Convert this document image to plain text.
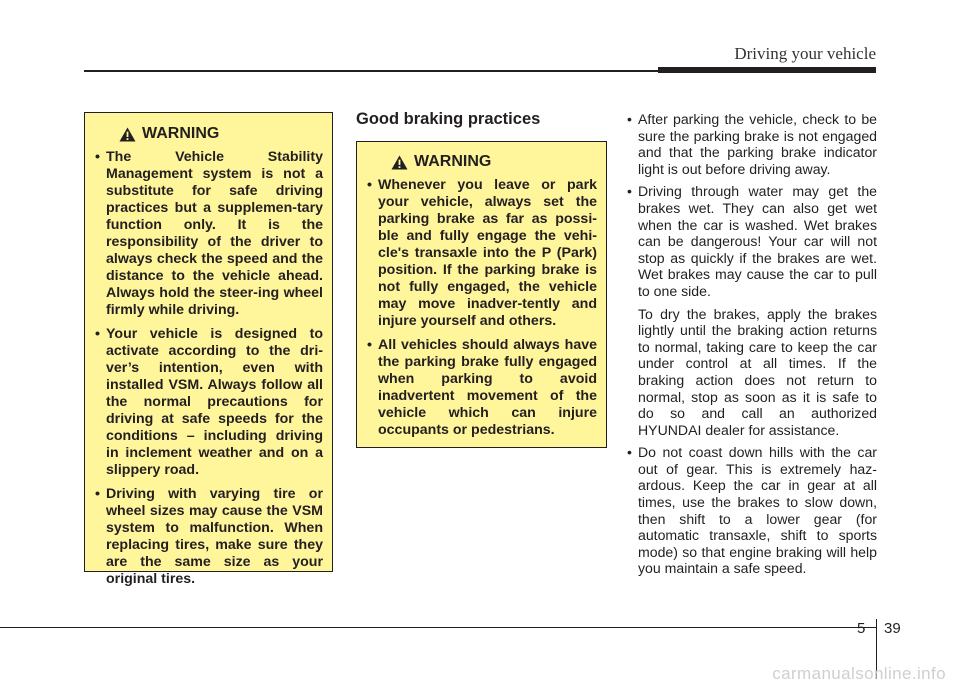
Driving your vehicle
WARNING
• The Vehicle Stability Management system is not a substitute for safe driving practices but a supplemen-tary function only. It is the responsibility of the driver to always check the speed and the distance to the vehicle ahead. Always hold the steer-ing wheel firmly while driving.
• Your vehicle is designed to activate according to the dri-ver’s intention, even with installed VSM. Always follow all the normal precautions for driving at safe speeds for the conditions – including driving in inclement weather and on a slippery road.
• Driving with varying tire or wheel sizes may cause the VSM system to malfunction. When replacing tires, make sure they are the same size as your original tires.
Good braking practices
WARNING
• Whenever you leave or park your vehicle, always set the parking brake as far as possi-ble and fully engage the vehi-cle's transaxle into the P (Park) position. If the parking brake is not fully engaged, the vehicle may move inadver-tently and injure yourself and others.
• All vehicles should always have the parking brake fully engaged when parking to avoid inadvertent movement of the vehicle which can injure occupants or pedestrians.

• After parking the vehicle, check to be sure the parking brake is not engaged and that the parking brake indicator light is out before driving away.

• Driving through water may get the brakes wet. They can also get wet when the car is washed. Wet brakes can be dangerous! Your car will not stop as quickly if the brakes are wet. Wet brakes may cause the car to pull to one side.

To dry the brakes, apply the brakes lightly until the braking action returns to normal, taking care to keep the car under control at all times. If the braking action does not return to normal, stop as soon as it is safe to do so and call an authorized HYUNDAI dealer for assistance.

• Do not coast down hills with the car out of gear. This is extremely haz-ardous. Keep the car in gear at all times, use the brakes to slow down, then shift to a lower gear (for automatic transaxle, shift to sports mode) so that engine braking will help you maintain a safe speed.

5 39
carmanualsonline.info
